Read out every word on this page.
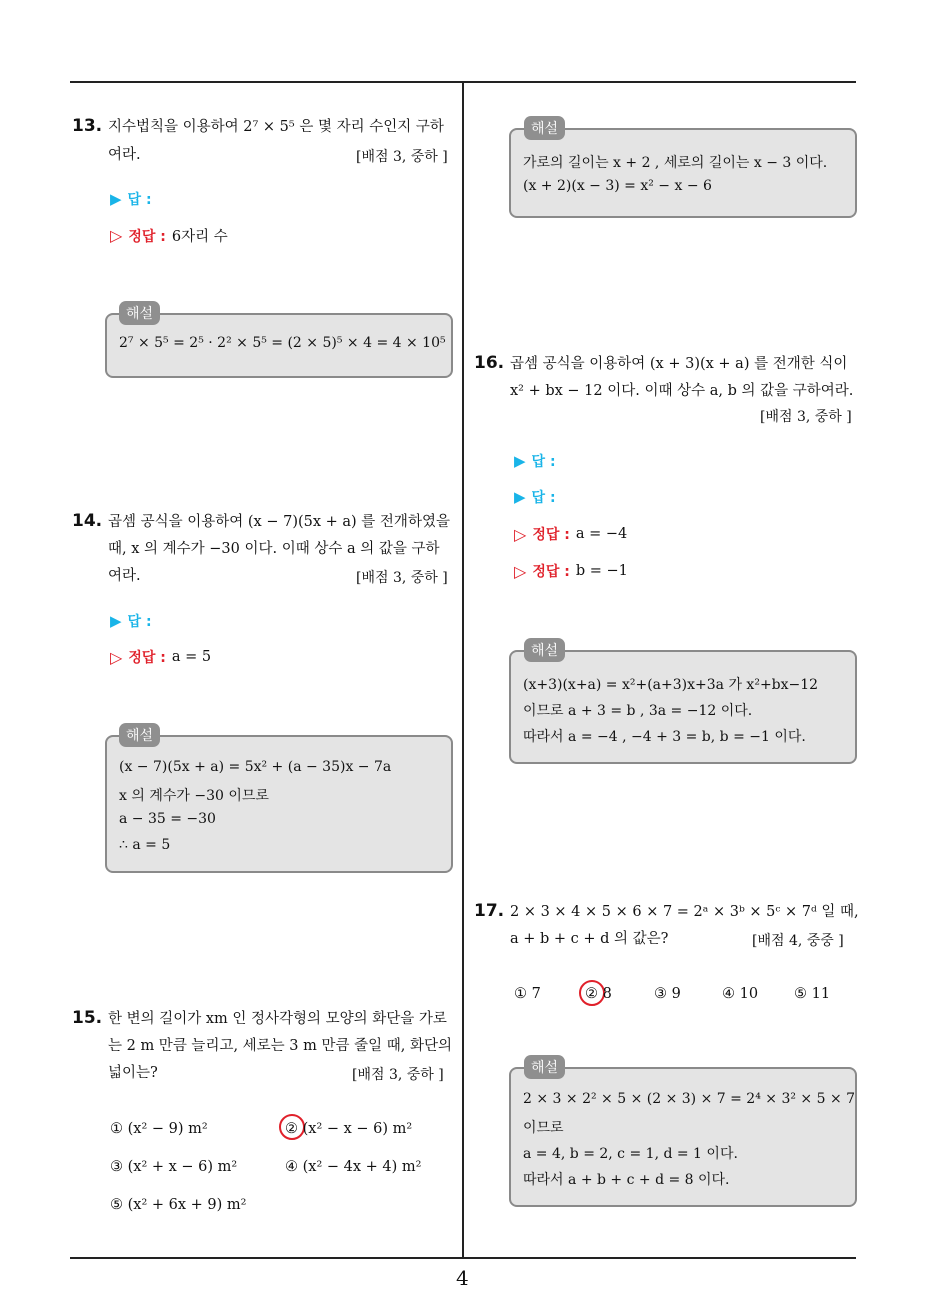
4
13. 지수법칙을 이용하여 2⁷ × 5⁵ 은 몇 자리 수인지 구하
여라.	[배점 3, 중하 ]
▶ 답 :
▷ 정답 : 6자리 수
2⁷ × 5⁵ = 2⁵ · 2² × 5⁵ = (2 × 5)⁵ × 4 = 4 × 10⁵
해설
14. 곱셈 공식을 이용하여 (x − 7)(5x + a) 를 전개하였을
때, x 의 계수가 −30 이다. 이때 상수 a 의 값을 구하
여라.	[배점 3, 중하 ]
▶ 답 :
▷ 정답 : a = 5
(x − 7)(5x + a) = 5x² + (a − 35)x − 7a
x 의 계수가 −30 이므로
a − 35 = −30
∴ a = 5
해설
15. 한 변의 길이가 xm 인 정사각형의 모양의 화단을 가로
는 2 m 만큼 늘리고, 세로는 3 m 만큼 줄일 때, 화단의
넓이는?	[배점 3, 중하 ]
① (x² − 9) m²	② (x² − x − 6) m²
③ (x² + x − 6) m²	④ (x² − 4x + 4) m²
⑤ (x² + 6x + 9) m²
가로의 길이는 x + 2 , 세로의 길이는 x − 3 이다.
(x + 2)(x − 3) = x² − x − 6
해설
16. 곱셈 공식을 이용하여 (x + 3)(x + a) 를 전개한 식이
x² + bx − 12 이다. 이때 상수 a, b 의 값을 구하여라.
[배점 3, 중하 ]
▶ 답 :
▶ 답 :
▷ 정답 : a = −4
▷ 정답 : b = −1
(x+3)(x+a) = x²+(a+3)x+3a 가 x²+bx−12
이므로 a + 3 = b , 3a = −12 이다.
따라서 a = −4 , −4 + 3 = b, b = −1 이다.
해설
17. 2 × 3 × 4 × 5 × 6 × 7 = 2ᵃ × 3ᵇ × 5ᶜ × 7ᵈ 일 때,
a + b + c + d 의 값은?	[배점 4, 중중 ]
① 7	② 8	③ 9	④ 10 ⑤ 11
2 × 3 × 2² × 5 × (2 × 3) × 7 = 2⁴ × 3² × 5 × 7
이므로
a = 4, b = 2, c = 1, d = 1 이다.
따라서 a + b + c + d = 8 이다.
해설
